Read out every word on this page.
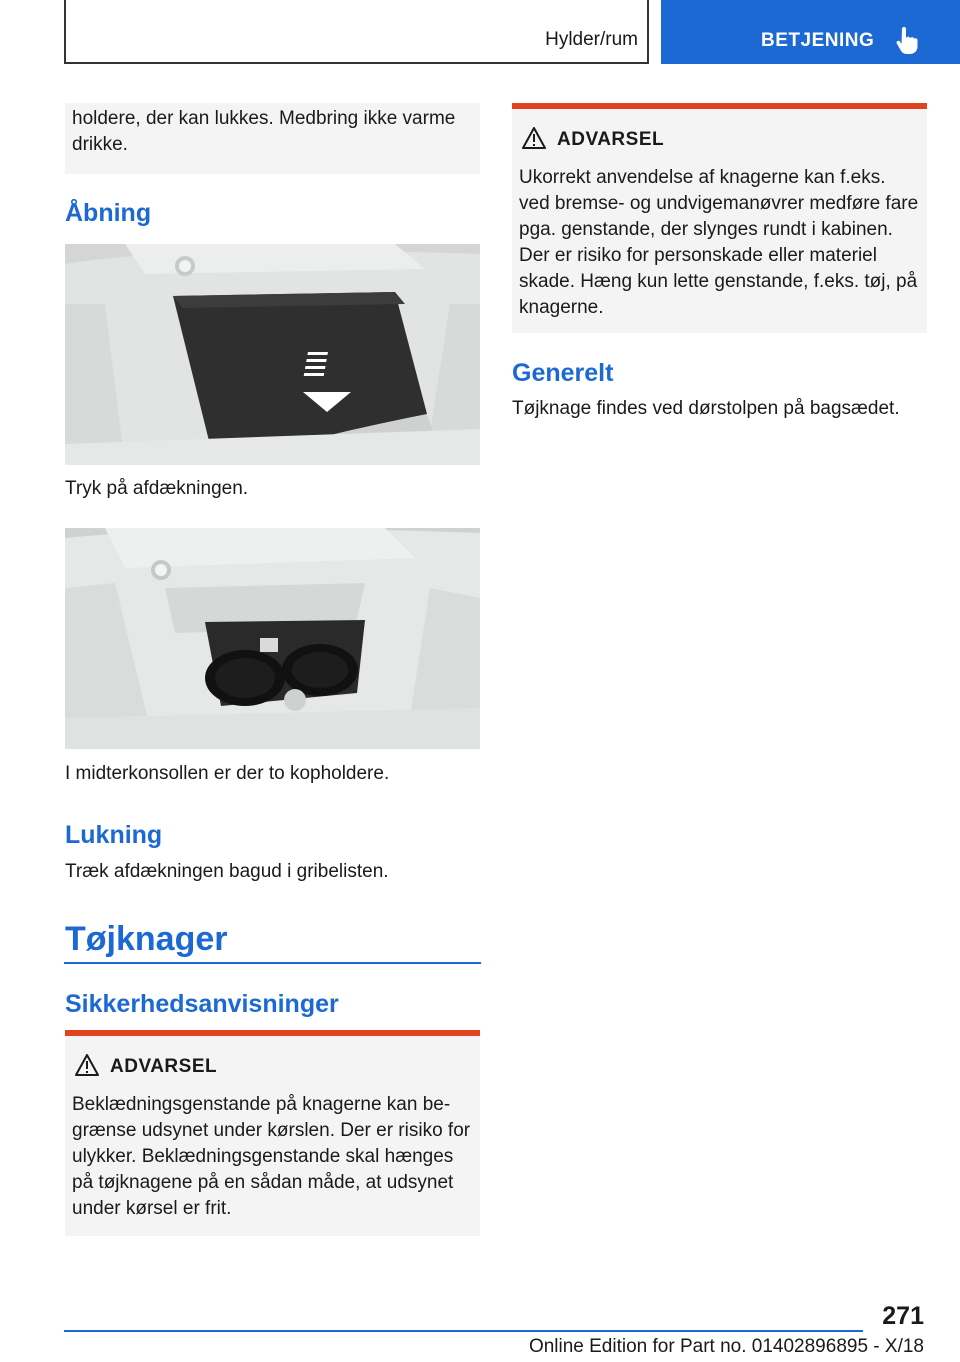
Hylder/rum	BETJENING

holdere, der kan lukkes. Medbring ikke varme drikke.

Åbning
Tryk på afdækningen.
I midterkonsollen er der to kopholdere.
Lukning
Træk afdækningen bagud i gribelisten.
Tøjknager
Sikkerhedsanvisninger
ADVARSEL

Beklædningsgenstande på knagerne kan be‐grænse udsynet under kørslen. Der er risiko for ulykker. Beklædningsgenstande skal hænges på tøjknagene på en sådan måde, at udsynet under kørsel er frit.

ADVARSEL

Ukorrekt anvendelse af knagerne kan f.eks. ved bremse- og undvigemanøvrer medføre fare pga. genstande, der slynges rundt i kabinen. Der er risiko for personskade eller materiel skade. Hæng kun lette genstande, f.eks. tøj, på knagerne.

Generelt
Tøjknage findes ved dørstolpen på bagsædet.
271
Online Edition for Part no. 01402896895 - X/18
